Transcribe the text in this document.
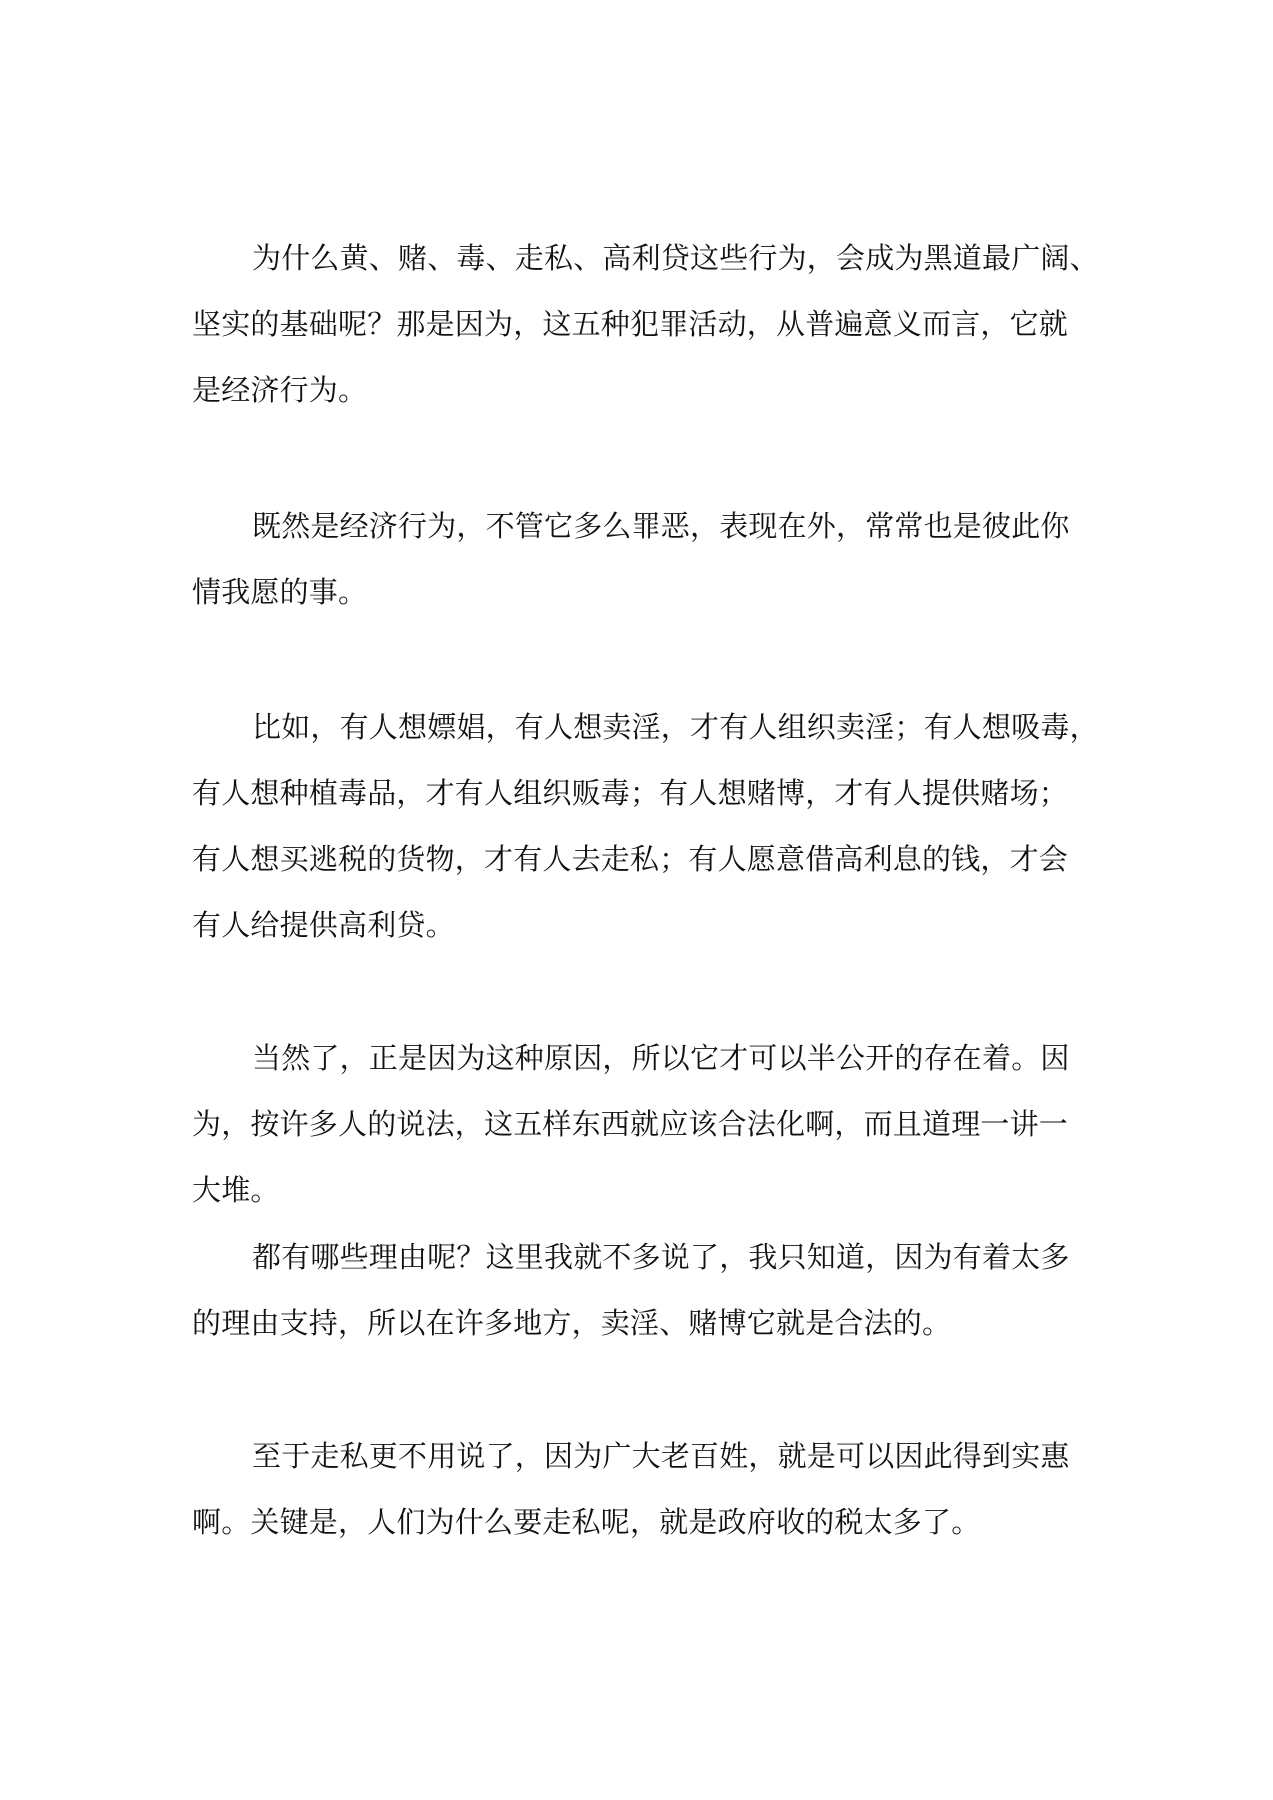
为什么黄、赌、毒、走私、高利贷这些行为，会成为黑道最广阔、
坚实的基础呢？那是因为，这五种犯罪活动，从普遍意义而言，它就
是经济行为。
既然是经济行为，不管它多么罪恶，表现在外，常常也是彼此你
情我愿的事。
比如，有人想嫖娼，有人想卖淫，才有人组织卖淫；有人想吸毒，
有人想种植毒品，才有人组织贩毒；有人想赌博，才有人提供赌场；
有人想买逃税的货物，才有人去走私；有人愿意借高利息的钱，才会
有人给提供高利贷。
当然了，正是因为这种原因，所以它才可以半公开的存在着。因
为，按许多人的说法，这五样东西就应该合法化啊，而且道理一讲一
大堆。
都有哪些理由呢？这里我就不多说了，我只知道，因为有着太多
的理由支持，所以在许多地方，卖淫、赌博它就是合法的。
至于走私更不用说了，因为广大老百姓，就是可以因此得到实惠
啊。关键是，人们为什么要走私呢，就是政府收的税太多了。
